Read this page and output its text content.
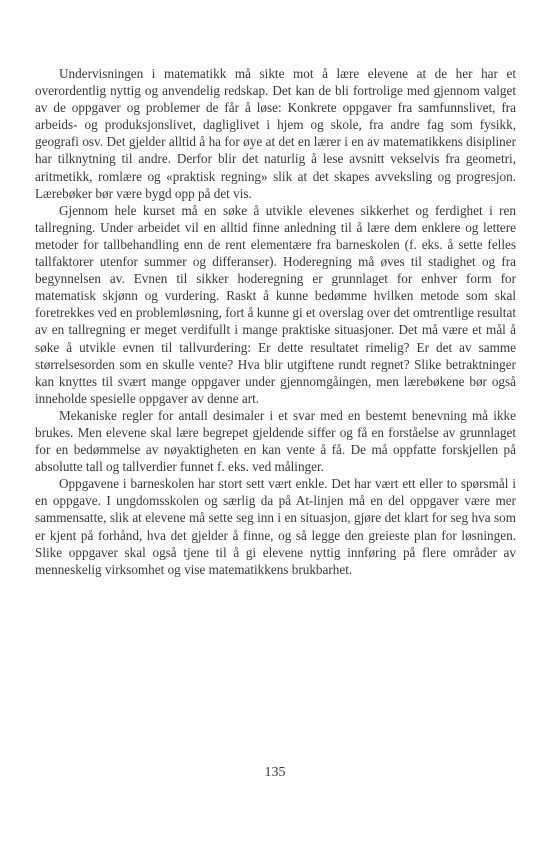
Undervisningen i matematikk må sikte mot å lære elevene at de her har et overordentlig nyttig og anvendelig redskap. Det kan de bli fortrolige med gjennom valget av de oppgaver og problemer de får å løse: Konkrete oppgaver fra samfunnslivet, fra arbeids- og produksjonslivet, dagliglivet i hjem og skole, fra andre fag som fysikk, geografi osv. Det gjelder alltid å ha for øye at det en lærer i en av matematikkens disipliner har tilknytning til andre. Derfor blir det naturlig å lese avsnitt vekselvis fra geometri, aritmetikk, romlære og «praktisk regning» slik at det skapes avveksling og progresjon. Lærebøker bør være bygd opp på det vis.

Gjennom hele kurset må en søke å utvikle elevenes sikkerhet og ferdighet i ren tallregning. Under arbeidet vil en alltid finne anledning til å lære dem enklere og lettere metoder for tallbehandling enn de rent elementære fra barneskolen (f. eks. å sette felles tallfaktorer utenfor summer og differanser). Hoderegning må øves til stadighet og fra begynnelsen av. Evnen til sikker hoderegning er grunnlaget for enhver form for matematisk skjønn og vurdering. Raskt å kunne bedømme hvilken metode som skal foretrekkes ved en problemløsning, fort å kunne gi et overslag over det omtrentlige resultat av en tallregning er meget verdifullt i mange praktiske situasjoner. Det må være et mål å søke å utvikle evnen til tallvurdering: Er dette resultatet rimelig? Er det av samme størrelsesorden som en skulle vente? Hva blir utgiftene rundt regnet? Slike betraktninger kan knyttes til svært mange oppgaver under gjennomgåingen, men lærebøkene bør også inneholde spesielle oppgaver av denne art.

Mekaniske regler for antall desimaler i et svar med en bestemt benevning må ikke brukes. Men elevene skal lære begrepet gjeldende siffer og få en forståelse av grunnlaget for en bedømmelse av nøyaktigheten en kan vente å få. De må oppfatte forskjellen på absolutte tall og tallverdier funnet f. eks. ved målinger.

Oppgavene i barneskolen har stort sett vært enkle. Det har vært ett eller to spørsmål i en oppgave. I ungdomsskolen og særlig da på At-linjen må en del oppgaver være mer sammensatte, slik at elevene må sette seg inn i en situasjon, gjøre det klart for seg hva som er kjent på forhånd, hva det gjelder å finne, og så legge den greieste plan for løsningen. Slike oppgaver skal også tjene til å gi elevene nyttig innføring på flere områder av menneskelig virksomhet og vise matematikkens brukbarhet.

135
